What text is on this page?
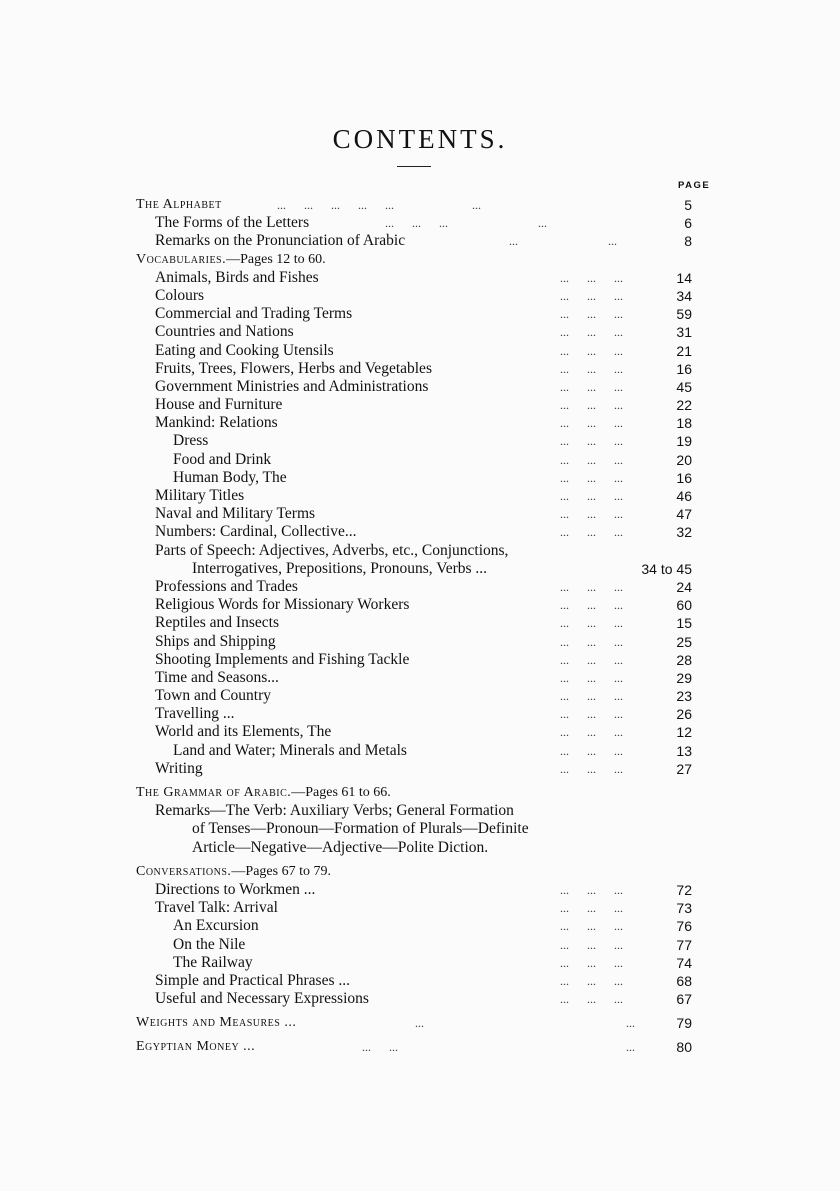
CONTENTS.
PAGE
The Alphabet	...      ...      ...      ...      ...                          ...	5
The Forms of the Letters	...      ...      ...                              ...	6
Remarks on the Pronunciation of Arabic	...                              ...	8
Vocabularies.—Pages 12 to 60.
Animals, Birds and Fishes	...      ...      ...	14
Colours	...      ...      ...	34
Commercial and Trading Terms	...      ...      ...	59
Countries and Nations	...      ...      ...	31
Eating and Cooking Utensils	...      ...      ...	21
Fruits, Trees, Flowers, Herbs and Vegetables	...      ...      ...	16
Government Ministries and Administrations	...      ...      ...	45
House and Furniture	...      ...      ...	22
Mankind: Relations	...      ...      ...	18
Dress	...      ...      ...	19
Food and Drink	...      ...      ...	20
Human Body, The	...      ...      ...	16
Military Titles	...      ...      ...	46
Naval and Military Terms	...      ...      ...	47
Numbers: Cardinal, Collective...	...      ...      ...	32
Parts of Speech: Adjectives, Adverbs, etc., Conjunctions,
Interrogatives, Prepositions, Pronouns, Verbs ...	34 to 45
Professions and Trades	...      ...      ...	24
Religious Words for Missionary Workers	...      ...      ...	60
Reptiles and Insects	...      ...      ...	15
Ships and Shipping	...      ...      ...	25
Shooting Implements and Fishing Tackle	...      ...      ...	28
Time and Seasons...	...      ...      ...	29
Town and Country	...      ...      ...	23
Travelling ...	...      ...      ...	26
World and its Elements, The	...      ...      ...	12
Land and Water; Minerals and Metals	...      ...      ...	13
Writing	...      ...      ...	27
The Grammar of Arabic.—Pages 61 to 66.
Remarks—The Verb: Auxiliary Verbs; General Formation
of Tenses—Pronoun—Formation of Plurals—Definite
Article—Negative—Adjective—Polite Diction.
Conversations.—Pages 67 to 79.
Directions to Workmen ...	...      ...      ...	72
Travel Talk: Arrival	...      ...      ...	73
An Excursion	...      ...      ...	76
On the Nile	...      ...      ...	77
The Railway	...      ...      ...	74
Simple and Practical Phrases ...	...      ...      ...	68
Useful and Necessary Expressions	...      ...      ...	67
Weights and Measures ...	...	...	79
Egyptian Money ...	...      ...	...	80
